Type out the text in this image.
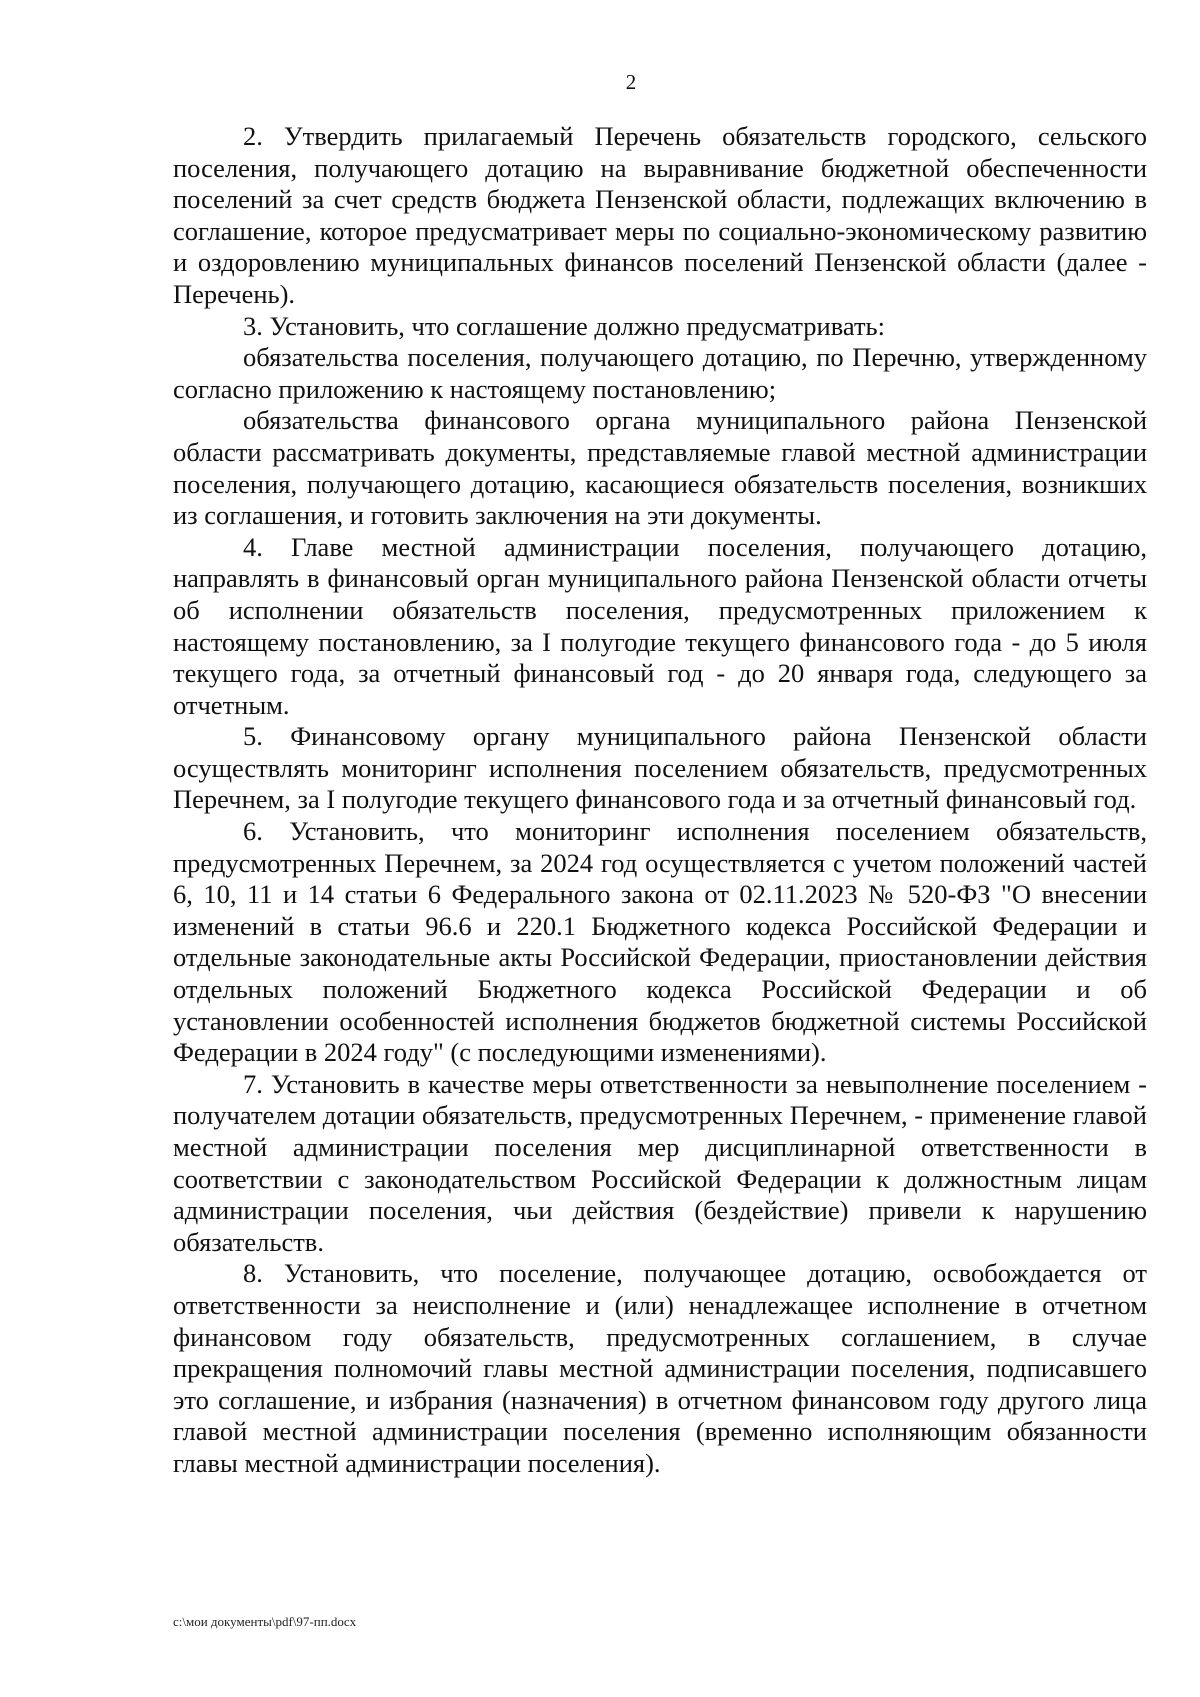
2

2. Утвердить прилагаемый Перечень обязательств городского, сельского поселения, получающего дотацию на выравнивание бюджетной обеспеченности поселений за счет средств бюджета Пензенской области, подлежащих включению в соглашение, которое предусматривает меры по социально-экономическому развитию и оздоровлению муниципальных финансов поселений Пензенской области (далее - Перечень).

3. Установить, что соглашение должно предусматривать:

обязательства поселения, получающего дотацию, по Перечню, утвержденному согласно приложению к настоящему постановлению;

обязательства финансового органа муниципального района Пензенской области рассматривать документы, представляемые главой местной администрации поселения, получающего дотацию, касающиеся обязательств поселения, возникших из соглашения, и готовить заключения на эти документы.

4. Главе местной администрации поселения, получающего дотацию, направлять в финансовый орган муниципального района Пензенской области отчеты об исполнении обязательств поселения, предусмотренных приложением к настоящему постановлению, за I полугодие текущего финансового года - до 5 июля текущего года, за отчетный финансовый год - до 20 января года, следующего за отчетным.

5. Финансовому органу муниципального района Пензенской области осуществлять мониторинг исполнения поселением обязательств, предусмотренных Перечнем, за I полугодие текущего финансового года и за отчетный финансовый год.

6. Установить, что мониторинг исполнения поселением обязательств, предусмотренных Перечнем, за 2024 год осуществляется с учетом положений частей 6, 10, 11 и 14 статьи 6 Федерального закона от 02.11.2023 № 520-ФЗ "О внесении изменений в статьи 96.6 и 220.1 Бюджетного кодекса Российской Федерации и отдельные законодательные акты Российской Федерации, приостановлении действия отдельных положений Бюджетного кодекса Российской Федерации и об установлении особенностей исполнения бюджетов бюджетной системы Российской Федерации в 2024 году" (с последующими изменениями).

7. Установить в качестве меры ответственности за невыполнение поселением - получателем дотации обязательств, предусмотренных Перечнем, - применение главой местной администрации поселения мер дисциплинарной ответственности в соответствии с законодательством Российской Федерации к должностным лицам администрации поселения, чьи действия (бездействие) привели к нарушению обязательств.

8. Установить, что поселение, получающее дотацию, освобождается от ответственности за неисполнение и (или) ненадлежащее исполнение в отчетном финансовом году обязательств, предусмотренных соглашением, в случае прекращения полномочий главы местной администрации поселения, подписавшего это соглашение, и избрания (назначения) в отчетном финансовом году другого лица главой местной администрации поселения (временно исполняющим обязанности главы местной администрации поселения).

c:\мои документы\pdf\97-пп.docx
